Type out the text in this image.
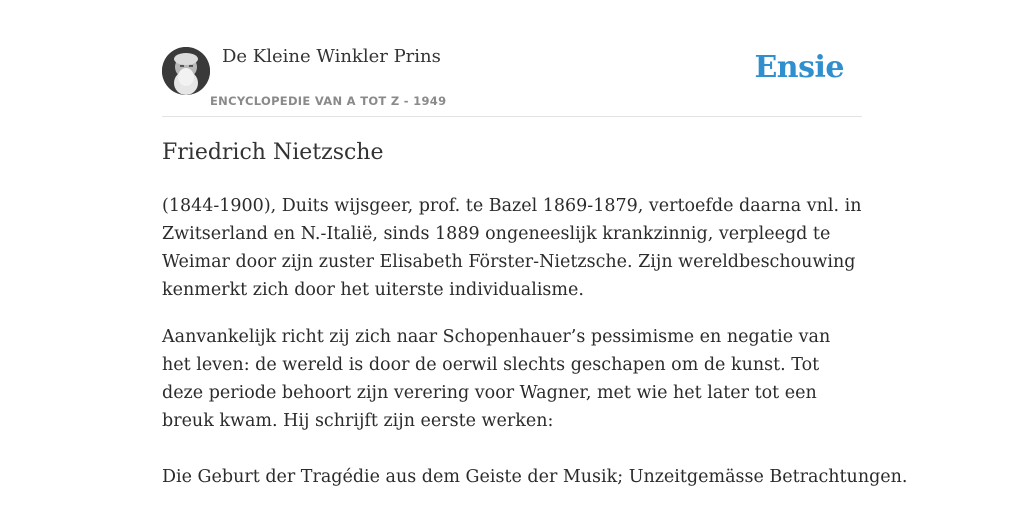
De Kleine Winkler Prins
ENCYCLOPEDIE VAN A TOT Z - 1949
Ensie
Friedrich Nietzsche

(1844-1900), Duits wijsgeer, prof. te Bazel 1869-1879, vertoefde daarna vnl. in Zwitserland en N.-Italië, sinds 1889 ongeneeslijk krankzinnig, verpleegd te Weimar door zijn zuster Elisabeth Förster-Nietzsche. Zijn wereldbeschouwing kenmerkt zich door het uiterste individualisme.

Aanvankelijk richt zij zich naar Schopenhauer’s pessimisme en negatie van het leven: de wereld is door de oerwil slechts geschapen om de kunst. Tot deze periode behoort zijn verering voor Wagner, met wie het later tot een breuk kwam. Hij schrijft zijn eerste werken:

Die Geburt der Tragédie aus dem Geiste der Musik; Unzeitgemässe Betrachtungen.
